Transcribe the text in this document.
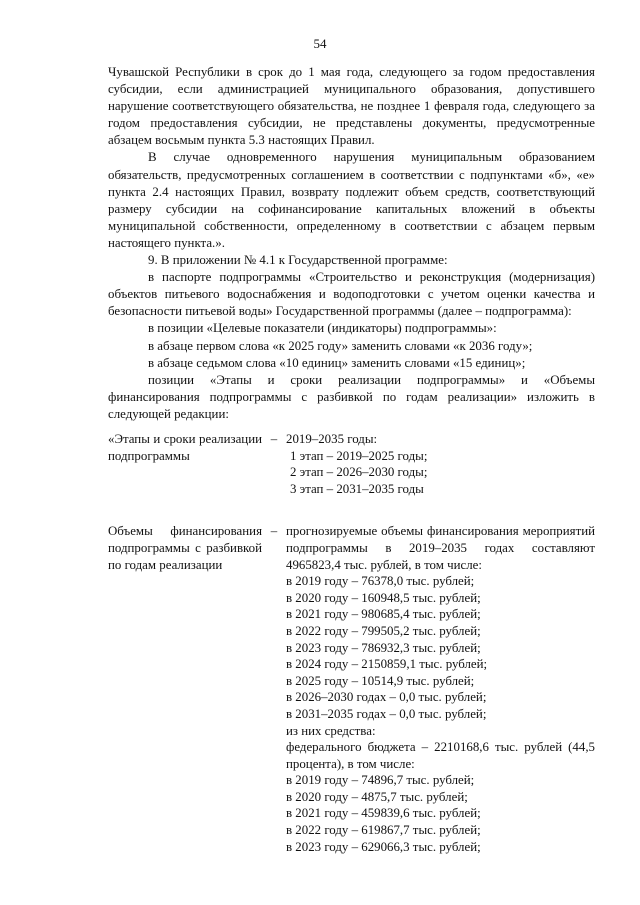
54

Чувашской Республики в срок до 1 мая года, следующего за годом предоставления субсидии, если администрацией муниципального образования, допустившего нарушение соответствующего обязательства, не позднее 1 февраля года, следующего за годом предоставления субсидии, не представлены документы, предусмотренные абзацем восьмым пункта 5.3 настоящих Правил.

В случае одновременного нарушения муниципальным образованием обязательств, предусмотренных соглашением в соответствии с подпунктами «б», «е» пункта 2.4 настоящих Правил, возврату подлежит объем средств, соответствующий размеру субсидии на софинансирование капитальных вложений в объекты муниципальной собственности, определенному в соответствии с абзацем первым настоящего пункта.».

9. В приложении № 4.1 к Государственной программе:

в паспорте подпрограммы «Строительство и реконструкция (модернизация) объектов питьевого водоснабжения и водоподготовки с учетом оценки качества и безопасности питьевой воды» Государственной программы (далее – подпрограмма):

в позиции «Целевые показатели (индикаторы) подпрограммы»:

в абзаце первом слова «к 2025 году» заменить словами «к 2036 году»;

в абзаце седьмом слова «10 единиц» заменить словами «15 единиц»;

позиции «Этапы и сроки реализации подпрограммы» и «Объемы финансирования подпрограммы с разбивкой по годам реализации» изложить в следующей редакции:

«Этапы и сроки реализации подпрограммы
– 2019–2035 годы:
1 этап – 2019–2025 годы;
2 этап – 2026–2030 годы;
3 этап – 2031–2035 годы
Объемы финансирования подпрограммы с разбивкой по годам реализации
– прогнозируемые объемы финансирования мероприятий подпрограммы в 2019–2035 годах составляют 4965823,4 тыс. рублей, в том числе:
в 2019 году – 76378,0 тыс. рублей;
в 2020 году – 160948,5 тыс. рублей;
в 2021 году – 980685,4 тыс. рублей;
в 2022 году – 799505,2 тыс. рублей;
в 2023 году – 786932,3 тыс. рублей;
в 2024 году – 2150859,1 тыс. рублей;
в 2025 году – 10514,9 тыс. рублей;
в 2026–2030 годах – 0,0 тыс. рублей;
в 2031–2035 годах – 0,0 тыс. рублей;
из них средства:
федерального бюджета – 2210168,6 тыс. рублей (44,5 процента), в том числе:
в 2019 году – 74896,7 тыс. рублей;
в 2020 году – 4875,7 тыс. рублей;
в 2021 году – 459839,6 тыс. рублей;
в 2022 году – 619867,7 тыс. рублей;
в 2023 году – 629066,3 тыс. рублей;
